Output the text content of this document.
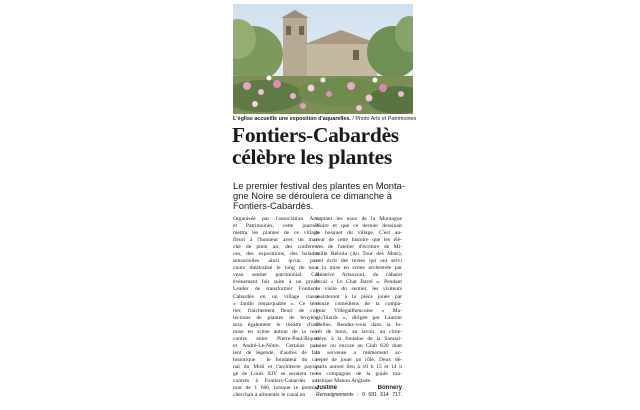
L'église accueille une exposition d'aquarelles. / Photo Arts et Patrimoines
Fontiers-Cabardès
célèbre les plantes
Le premier festival des plantes en Monta-
gne Noire se déroulera ce dimanche à
Fontiers-Cabardès.
Organisée par l'association Arts
et Patrimoines, cette journée
mettra les plantes de ce village
fleuri à l'honneur avec un mar-
ché de plein air, des conféren-
ces, des expositions, des balades
sensorielles ainsi qu'un par-
cours théâtralisé le long du nou-
veau sentier patrimonial. Cet
évènement fait suite à un projet
Leader de transformer Fontiers-
Cabardès en un village classé
« Jardin remarquable ». Ce sen-
tier, fraîchement fleuri de col-
lections de plantes de bruyère,
sera également le théâtre d'une
mise en scène autour de la ren-
contre entre Pierre-Paul-Riquet
et André-Le-Nôtre. Certains par-
lent de légende, d'autres de fait
historique : le fondateur du ca-
nal du Midi et l'architecte paysa-
gé de Louis XIV se seraient ren-
contrés à Fontiers-Cabardès au-
tour de 1 666, lorsque le premier
cherchait à alimenter le canal en
captant les eaux de la Montagne
Noire et que ce dernier dessinait
le bosquet du village. C'est au-
tour de cette histoire que les élè-
ves de l'atelier d'écriture de Mi-
reille Rebola (Au Tour des Mots),
ont écrit des textes qui ont servi
à la mise en scène orchestrée par
Béatrice Artaozoul, du cabaret
local « Le Chat Barré ». Pendant
la visite du sentier, les visiteurs
assisteront à la pièce jouée par
douze comédiens de la compa-
gnie Villegailhencoise « Ma-
gic'lliards », dirigée par Laurent
Dellus. Rendez-vous dans la fo-
rêt de houx, au lavoir, au cime-
tière, à la fontaine de la Samari-
taine ou encore au Club 620 dont
la serveuse a mémement ac-
cepté de jouer un rôle. Deux dé-
parts auront lieu à 10 h 15 et 14 h
en compagnie de la guide tou-
ristique Manon Anglade.
Justine Bonnery
Renseignements : 0 681 514 717.
